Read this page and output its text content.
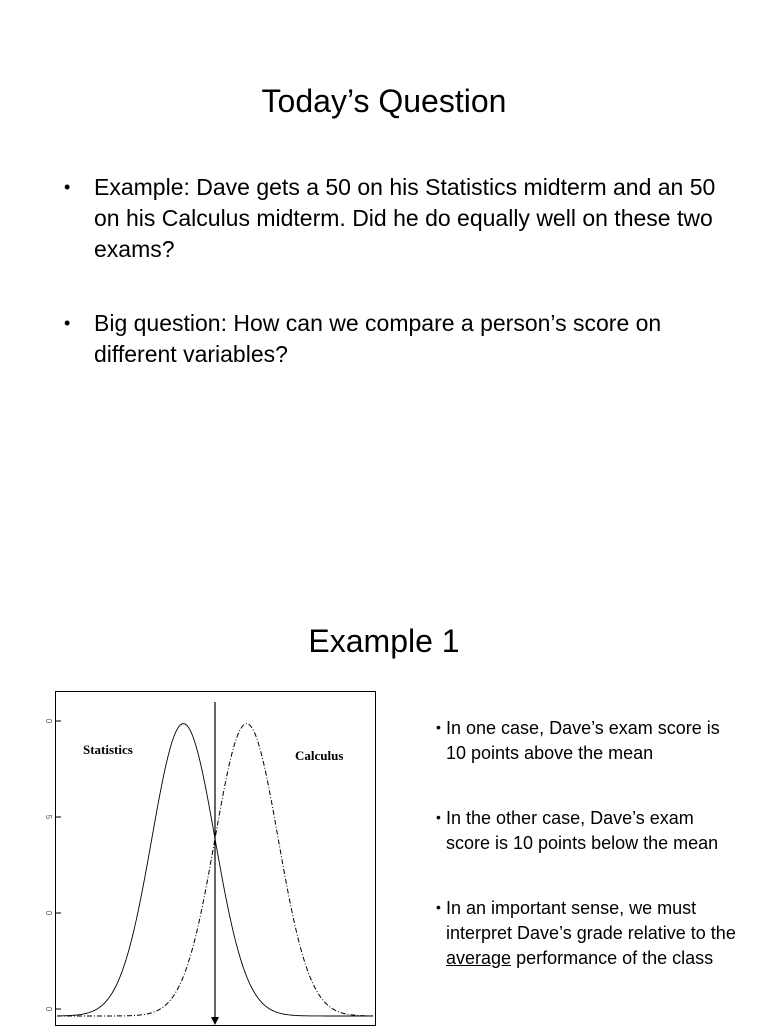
Today’s Question
• Example: Dave gets a 50 on his Statistics midterm and an 50 on his Calculus midterm. Did he do equally well on these two exams?
• Big question: How can we compare a person’s score on different variables?
Example 1
0
5
0
0
Statistics	Calculus
• In one case, Dave’s exam score is 10 points above the mean
• In the other case, Dave’s exam score is 10 points below the mean
• In an important sense, we must interpret Dave’s grade relative to the average performance of the class
